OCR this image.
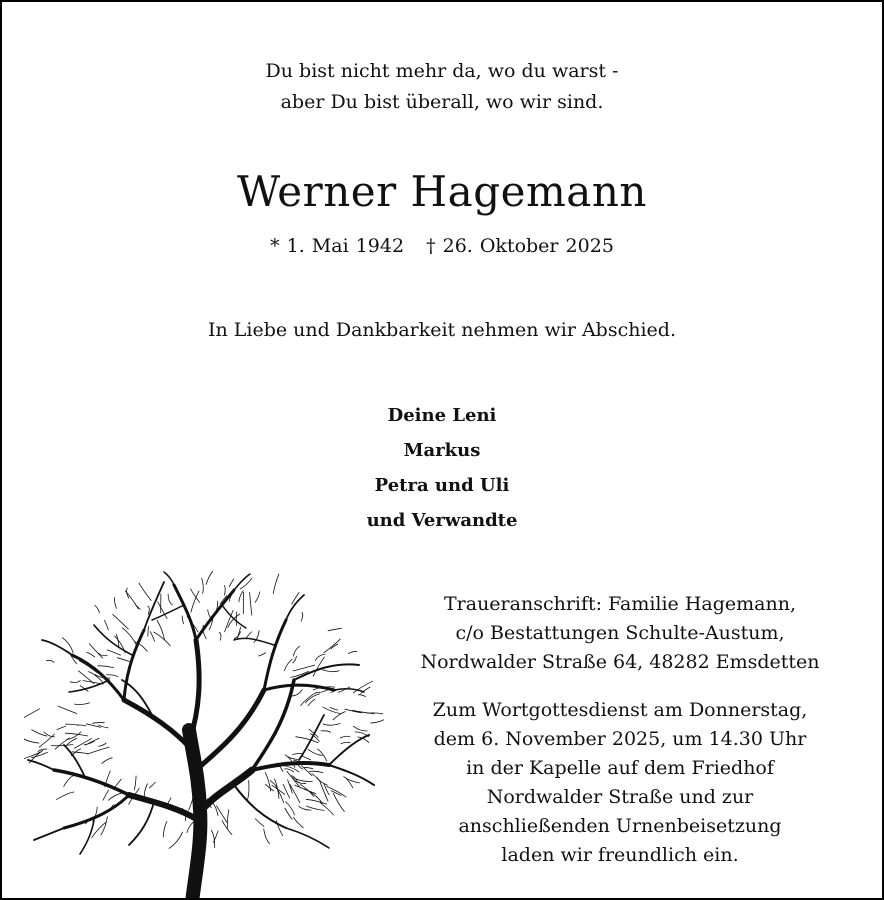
Du bist nicht mehr da, wo du warst -
aber Du bist überall, wo wir sind.
Werner Hagemann
* 1. Mai 1942 † 26. Oktober 2025
In Liebe und Dankbarkeit nehmen wir Abschied.
Deine Leni
Markus
Petra und Uli
und Verwandte
Traueranschrift: Familie Hagemann,
c/o Bestattungen Schulte-Austum,
Nordwalder Straße 64, 48282 Emsdetten
Zum Wortgottesdienst am Donnerstag,
dem 6. November 2025, um 14.30 Uhr
in der Kapelle auf dem Friedhof
Nordwalder Straße und zur
anschließenden Urnenbeisetzung
laden wir freundlich ein.
